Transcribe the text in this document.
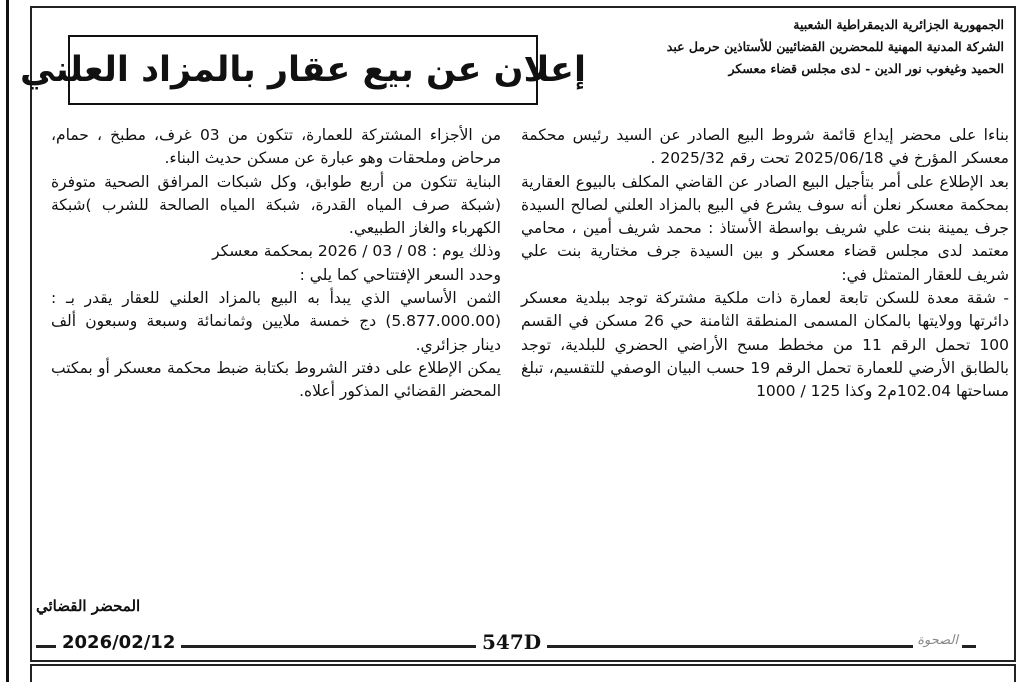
الجمهورية الجزائرية الديمقراطية الشعبية
الشركة المدنية المهنية للمحضرين القضائيين للأستاذين حرمل عبد
الحميد وغيغوب نور الدين - لدى مجلس قضاء معسكر
إعلان عن بيع عقار بالمزاد العلني

بناءا على محضر إيداع قائمة شروط البيع الصادر عن السيد رئيس محكمة معسكر المؤرخ في 2025/06/18 تحت رقم 2025/32 .

بعد الإطلاع على أمر بتأجيل البيع الصادر عن القاضي المكلف بالبيوع العقارية بمحكمة معسكر نعلن أنه سوف يشرع في البيع بالمزاد العلني لصالح السيدة جرف يمينة بنت علي شريف بواسطة الأستاذ : محمد شريف أمين ، محامي معتمد لدى مجلس قضاء معسكر و بين السيدة جرف مختارية بنت علي شريف للعقار المتمثل في:

- شقة معدة للسكن تابعة لعمارة ذات ملكية مشتركة توجد ببلدية معسكر دائرتها وولايتها بالمكان المسمى المنطقة الثامنة حي 26 مسكن في القسم 100 تحمل الرقم 11 من مخطط مسح الأراضي الحضري للبلدية، توجد بالطابق الأرضي للعمارة تحمل الرقم 19 حسب البيان الوصفي للتقسيم، تبلغ مساحتها 102.04م2 وكذا 125 / 1000

من الأجزاء المشتركة للعمارة، تتكون من 03 غرف، مطبخ ، حمام، مرحاض وملحقات وهو عبارة عن مسكن حديث البناء.

البناية تتكون من أربع طوابق، وكل شبكات المرافق الصحية متوفرة (شبكة صرف المياه القدرة، شبكة المياه الصالحة للشرب )شبكة الكهرباء والغاز الطبيعي.

وذلك يوم : 08 / 03 / 2026 بمحكمة معسكر

وحدد السعر الإفتتاحي كما يلي :

الثمن الأساسي الذي يبدأ به البيع بالمزاد العلني للعقار يقدر بـ : (5.877.000.00) دج خمسة ملايين وثمانمائة وسبعة وسبعون ألف دينار جزائري.

يمكن الإطلاع على دفتر الشروط بكتابة ضبط محكمة معسكر أو بمكتب المحضر القضائي المذكور أعلاه.

المحضر القضائي
2026/02/12	547D	الصحوة
